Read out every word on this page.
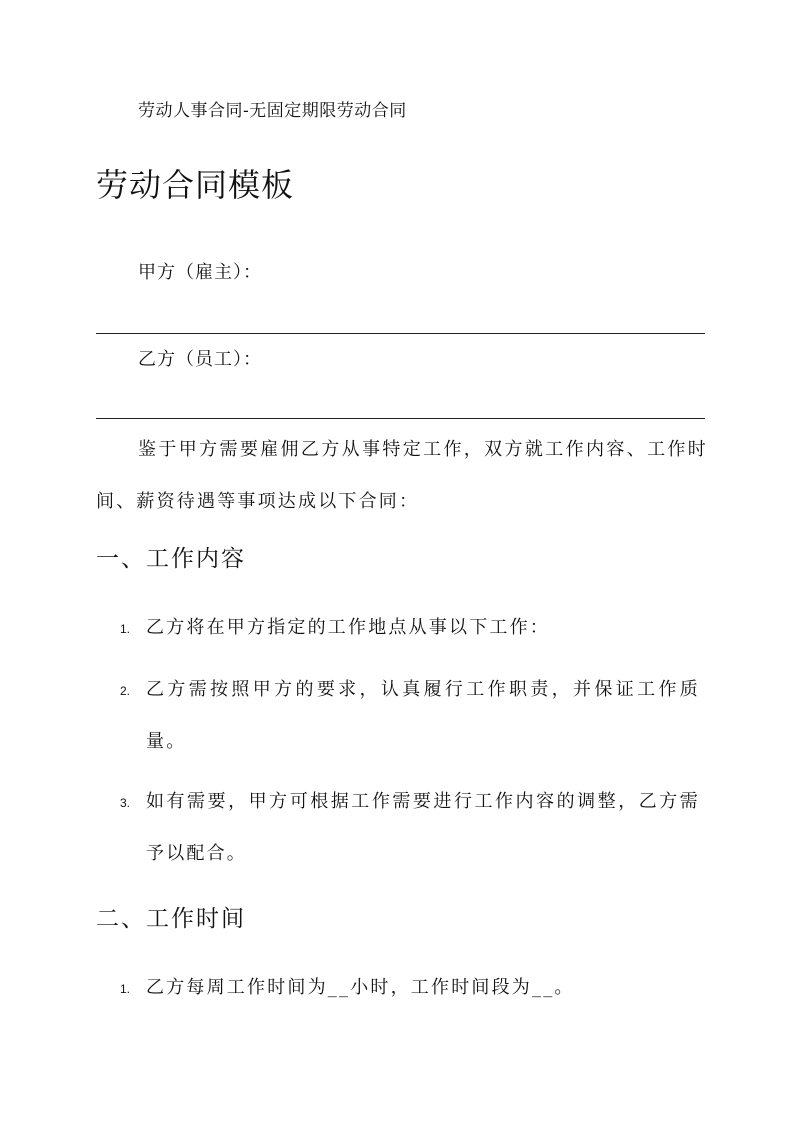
劳动人事合同-无固定期限劳动合同
劳动合同模板
甲方（雇主）：
乙方（员工）：
鉴于甲方需要雇佣乙方从事特定工作，双方就工作内容、工作时间、薪资待遇等事项达成以下合同：
一、工作内容
1. 乙方将在甲方指定的工作地点从事以下工作：
2. 乙方需按照甲方的要求，认真履行工作职责，并保证工作质量。
3. 如有需要，甲方可根据工作需要进行工作内容的调整，乙方需予以配合。
二、工作时间
1. 乙方每周工作时间为__小时，工作时间段为__。
